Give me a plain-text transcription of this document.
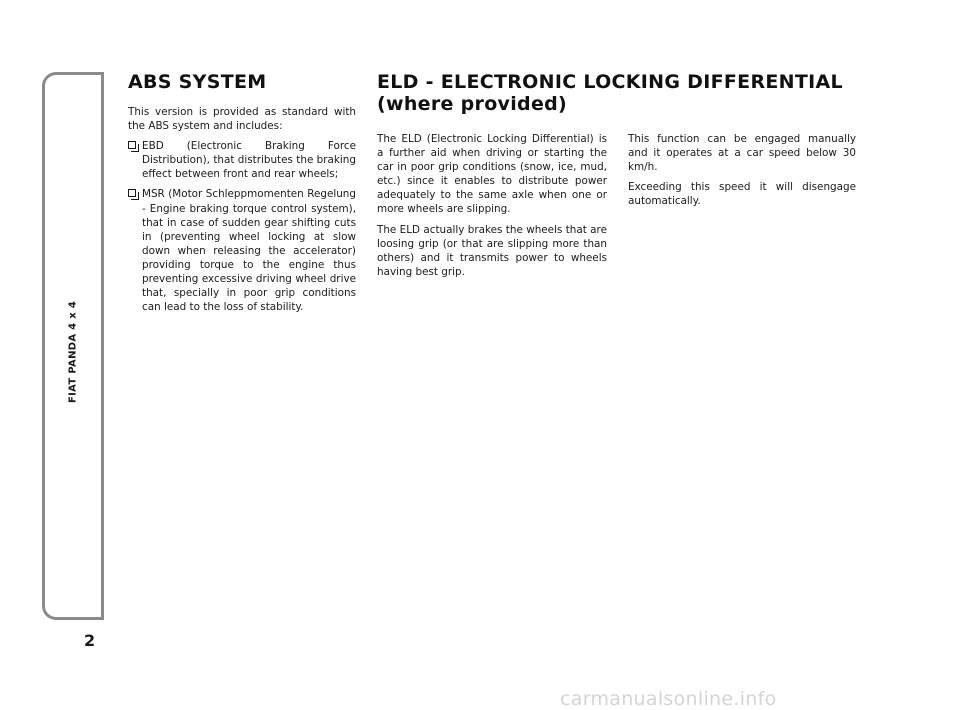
FIAT PANDA 4 x 4
2
ABS SYSTEM

This version is provided as standard with the ABS system and includes:

EBD (Electronic Braking Force Distribution), that distributes the braking effect between front and rear wheels;
MSR (Motor Schleppmomenten Regelung - Engine braking torque control system), that in case of sudden gear shifting cuts in (preventing wheel locking at slow down when releasing the accelerator) providing torque to the engine thus preventing excessive driving wheel drive that, specially in poor grip conditions can lead to the loss of stability.
ELD - ELECTRONIC LOCKING DIFFERENTIAL
(where provided)

The ELD (Electronic Locking Differential) is a further aid when driving or starting the car in poor grip conditions (snow, ice, mud, etc.) since it enables to distribute power adequately to the same axle when one or more wheels are slipping.

The ELD actually brakes the wheels that are loosing grip (or that are slipping more than others) and it transmits power to wheels having best grip.

This function can be engaged manually and it operates at a car speed below 30 km/h.

Exceeding this speed it will disengage automatically.

carmanualsonline.info
